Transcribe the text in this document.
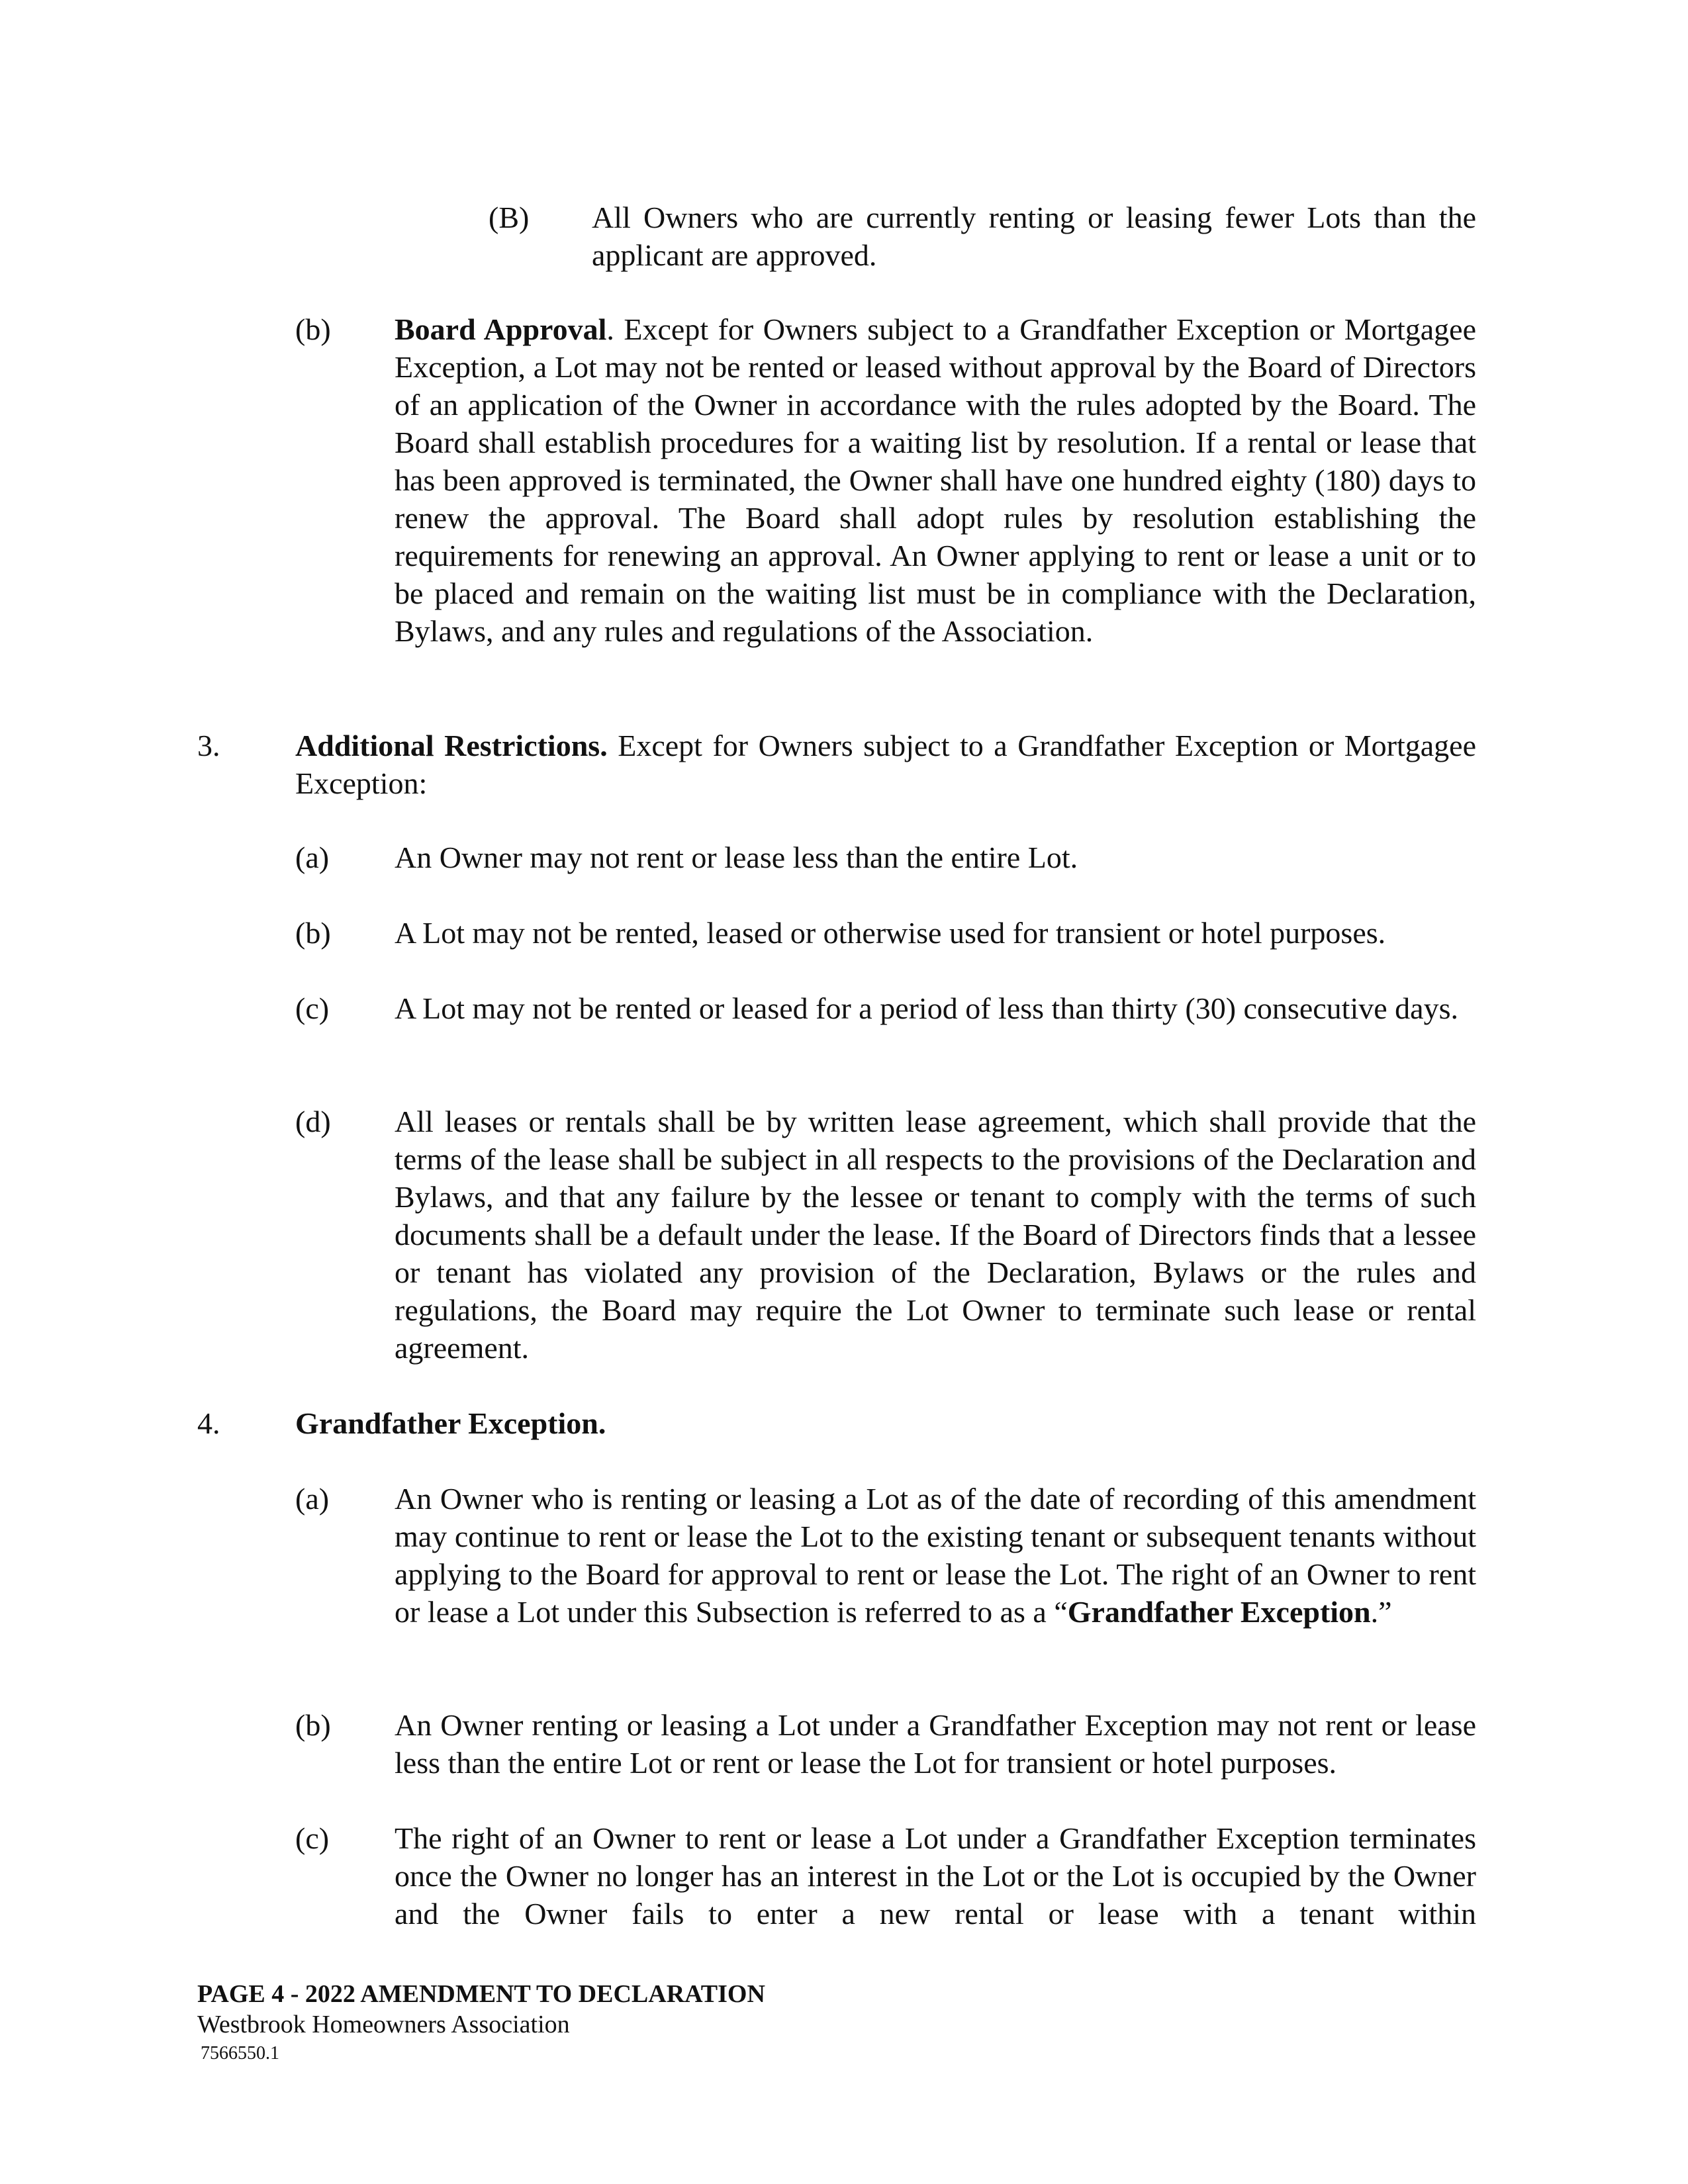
(B) All Owners who are currently renting or leasing fewer Lots than the applicant are approved.
(b) Board Approval. Except for Owners subject to a Grandfather Exception or Mortgagee Exception, a Lot may not be rented or leased without approval by the Board of Directors of an application of the Owner in accordance with the rules adopted by the Board. The Board shall establish procedures for a waiting list by resolution. If a rental or lease that has been approved is terminated, the Owner shall have one hundred eighty (180) days to renew the approval. The Board shall adopt rules by resolution establishing the requirements for renewing an approval. An Owner applying to rent or lease a unit or to be placed and remain on the waiting list must be in compliance with the Declaration, Bylaws, and any rules and regulations of the Association.
3. Additional Restrictions. Except for Owners subject to a Grandfather Exception or Mortgagee Exception:
(a) An Owner may not rent or lease less than the entire Lot.
(b) A Lot may not be rented, leased or otherwise used for transient or hotel purposes.
(c) A Lot may not be rented or leased for a period of less than thirty (30) consecutive days.
(d) All leases or rentals shall be by written lease agreement, which shall provide that the terms of the lease shall be subject in all respects to the provisions of the Declaration and Bylaws, and that any failure by the lessee or tenant to comply with the terms of such documents shall be a default under the lease. If the Board of Directors finds that a lessee or tenant has violated any provision of the Declaration, Bylaws or the rules and regulations, the Board may require the Lot Owner to terminate such lease or rental agreement.
4. Grandfather Exception.
(a) An Owner who is renting or leasing a Lot as of the date of recording of this amendment may continue to rent or lease the Lot to the existing tenant or subsequent tenants without applying to the Board for approval to rent or lease the Lot. The right of an Owner to rent or lease a Lot under this Subsection is referred to as a “Grandfather Exception.”
(b) An Owner renting or leasing a Lot under a Grandfather Exception may not rent or lease less than the entire Lot or rent or lease the Lot for transient or hotel purposes.
(c) The right of an Owner to rent or lease a Lot under a Grandfather Exception terminates once the Owner no longer has an interest in the Lot or the Lot is occupied by the Owner and the Owner fails to enter a new rental or lease with a tenant within
PAGE 4 - 2022 AMENDMENT TO DECLARATION
Westbrook Homeowners Association
7566550.1
